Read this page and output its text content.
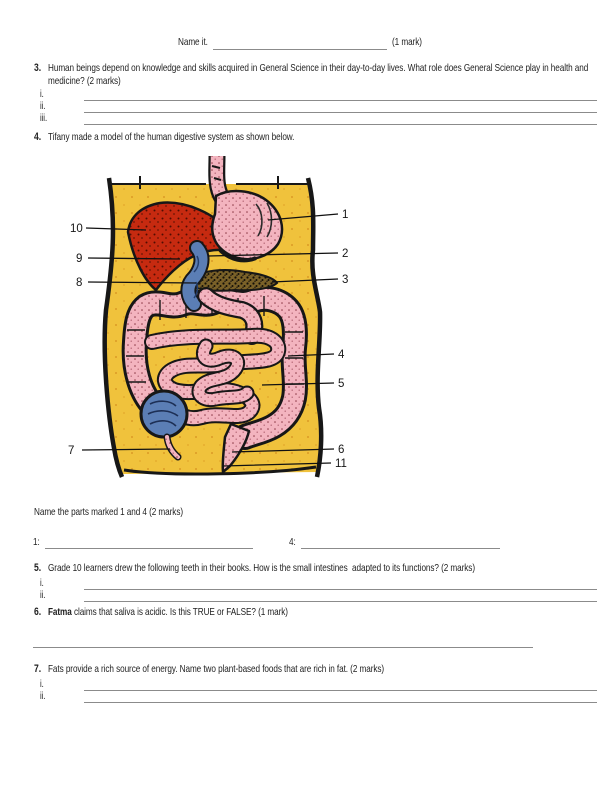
Name it.	(1 mark)
3. Human beings depend on knowledge and skills acquired in General Science in their day-to-day lives. What role does General Science play in health and medicine? (2 marks)
i.
ii.
iii.
4. Tifany made a model of the human digestive system as shown below.
10
9
8
7
1
2
3
4
5
6
11
Name the parts marked 1 and 4 (2 marks)
1:	4:
5. Grade 10 learners drew the following teeth in their books. How is the small intestines  adapted to its functions? (2 marks)
i.
ii.
6. Fatma claims that saliva is acidic. Is this TRUE or FALSE? (1 mark)
7. Fats provide a rich source of energy. Name two plant-based foods that are rich in fat. (2 marks)
i.
ii.
